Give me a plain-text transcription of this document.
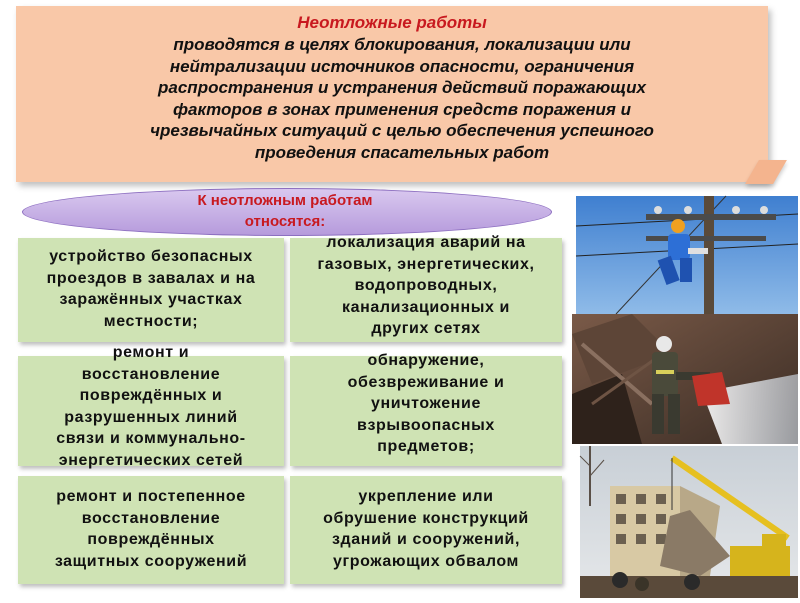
Неотложные работы
проводятся в целях блокирования, локализации или
нейтрализации источников опасности, ограничения
распространения и устранения действий поражающих
факторов в зонах применения средств поражения и
чрезвычайных ситуаций с целью обеспечения успешного
проведения спасательных работ
К неотложным работам
относятся:
устройство безопасных
проездов в завалах и на
заражённых участках
местности;
ремонт и
восстановление
повреждённых и
разрушенных линий
связи и коммунально-
энергетических сетей
ремонт и постепенное
восстановление
повреждённых
защитных сооружений
локализация аварий на
газовых, энергетических,
водопроводных,
канализационных и
других сетях
обнаружение,
обезвреживание и
уничтожение
взрывоопасных
предметов;
укрепление или
обрушение конструкций
зданий и сооружений,
угрожающих обвалом
